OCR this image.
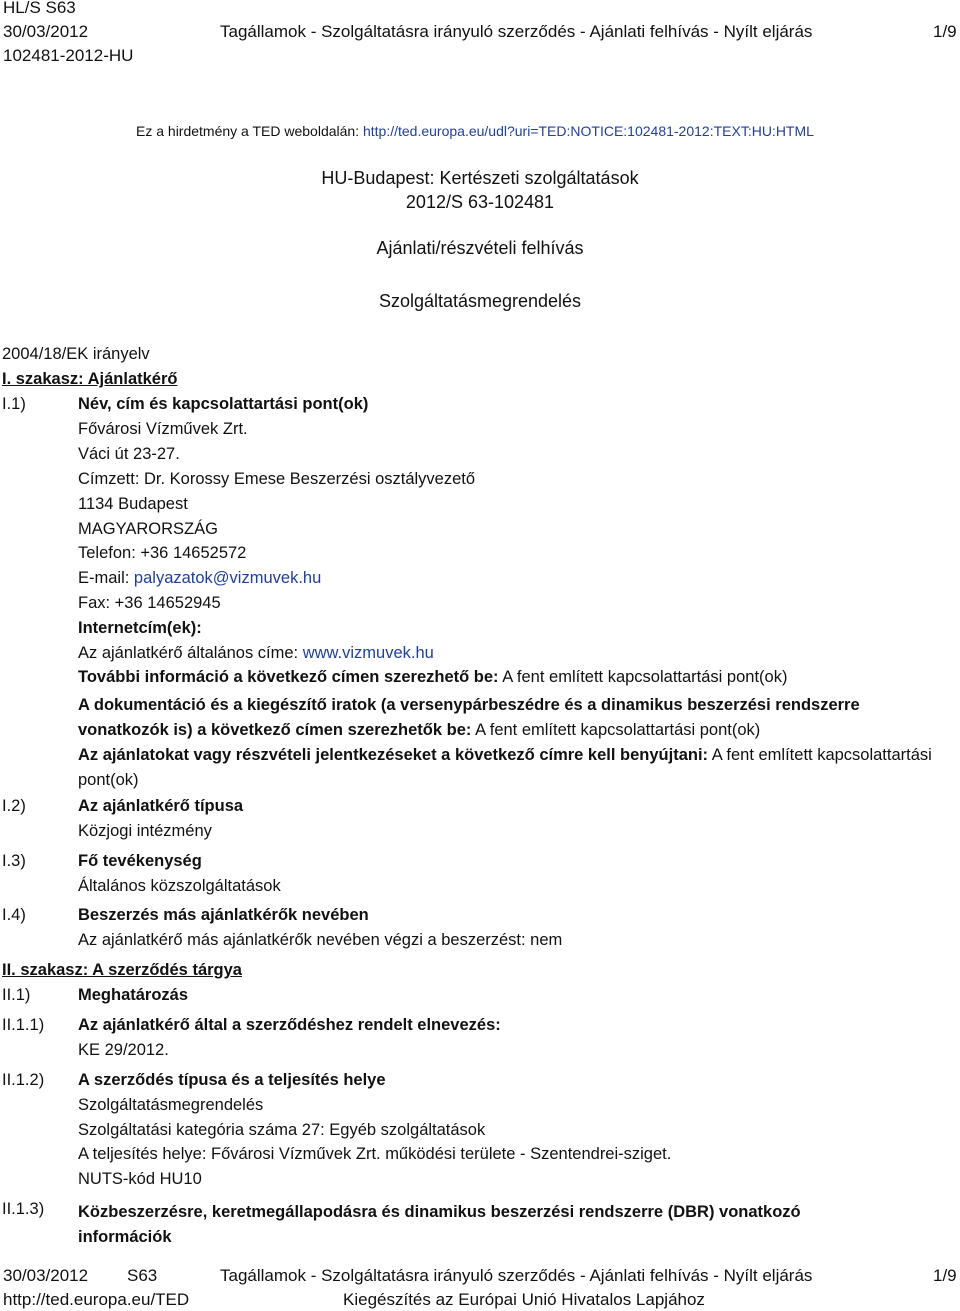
HL/S S63
30/03/2012
102481-2012-HU
Tagállamok - Szolgáltatásra irányuló szerződés - Ajánlati felhívás - Nyílt eljárás	1/9
Ez a hirdetmény a TED weboldalán: http://ted.europa.eu/udl?uri=TED:NOTICE:102481-2012:TEXT:HU:HTML
HU-Budapest: Kertészeti szolgáltatások
2012/S 63-102481
Ajánlati/részvételi felhívás
Szolgáltatásmegrendelés
2004/18/EK irányelv
I. szakasz: Ajánlatkérő
I.1)	Név, cím és kapcsolattartási pont(ok)
Fővárosi Vízművek Zrt.
Váci út 23-27.
Címzett: Dr. Korossy Emese Beszerzési osztályvezető
1134 Budapest
MAGYARORSZÁG
Telefon: +36 14652572
E-mail: palyazatok@vizmuvek.hu
Fax: +36 14652945
Internetcím(ek):
Az ajánlatkérő általános címe: www.vizmuvek.hu
További információ a következő címen szerezhető be: A fent említett kapcsolattartási pont(ok)
A dokumentáció és a kiegészítő iratok (a versenypárbeszédre és a dinamikus beszerzési rendszerre vonatkozók is) a következő címen szerezhetők be: A fent említett kapcsolattartási pont(ok)
Az ajánlatokat vagy részvételi jelentkezéseket a következő címre kell benyújtani: A fent említett kapcsolattartási pont(ok)
I.2)	Az ajánlatkérő típusa
Közjogi intézmény
I.3)	Fő tevékenység
Általános közszolgáltatások
I.4)	Beszerzés más ajánlatkérők nevében
Az ajánlatkérő más ajánlatkérők nevében végzi a beszerzést: nem
II. szakasz: A szerződés tárgya
II.1)	Meghatározás
II.1.1) Az ajánlatkérő által a szerződéshez rendelt elnevezés:
KE 29/2012.
II.1.2) A szerződés típusa és a teljesítés helye
Szolgáltatásmegrendelés
Szolgáltatási kategória száma 27: Egyéb szolgáltatások
A teljesítés helye: Fővárosi Vízművek Zrt. működési területe - Szentendrei-sziget.
NUTS-kód HU10
II.1.3) Közbeszerzésre, keretmegállapodásra és dinamikus beszerzési rendszerre (DBR) vonatkozó információk
30/03/2012 S63	Tagállamok - Szolgáltatásra irányuló szerződés - Ajánlati felhívás - Nyílt eljárás	1/9
http://ted.europa.eu/TED	Kiegészítés az Európai Unió Hivatalos Lapjához
